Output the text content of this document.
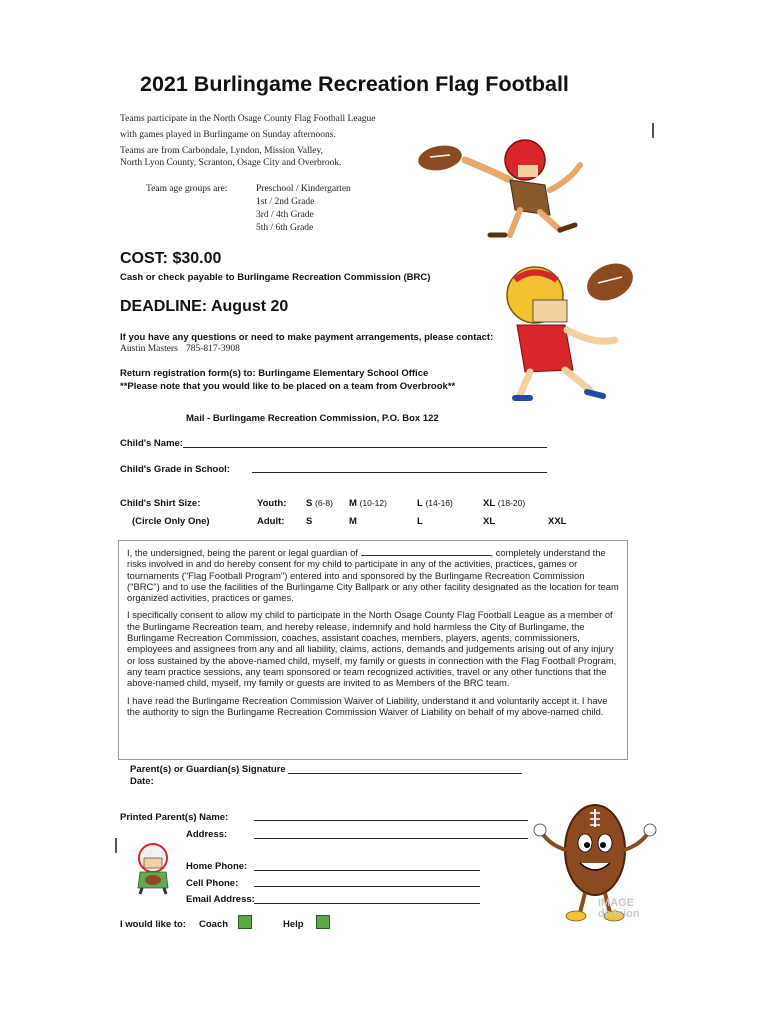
2021 Burlingame Recreation Flag Football
Teams participate in the North Osage County Flag Football League
with games played in Burlingame on Sunday afternoons.
Teams are from Carbondale, Lyndon, Mission Valley,
North Lyon County, Scranton, Osage City and Overbrook.
Team age groups are:	Preschool / Kindergarten
1st / 2nd Grade
3rd / 4th Grade
5th / 6th Grade
COST: $30.00
Cash or check payable to Burlingame Recreation Commission (BRC)
DEADLINE: August 20
If you have any questions or need to make payment arrangements, please contact:
Austin Masters 785-817-3908
Return registration form(s) to: Burlingame Elementary School Office
**Please note that you would like to be placed on a team from Overbrook**
Mail - Burlingame Recreation Commission, P.O. Box 122
Child's Name:
Child's Grade in School:
Child's Shirt Size:
(Circle Only One)
Youth: S (6-8) M (10-12)	L (14-16)	XL (18-20)
Adult: S	M	L	XL	XXL

I, the undersigned, being the parent or legal guardian of	, completely understand the risks involved in and do hereby consent for my child to participate in any of the activities, practices, games or tournaments ("Flag Football Program") entered into and sponsored by the Burlingame Recreation Commission ("BRC") and to use the facilities of the Burlingame City Ballpark or any other facility designated as the location for team organized activities, practices or games.

I specifically consent to allow my child to participate in the North Osage County Flag Football League as a member of the Burlingame Recreation team, and hereby release, indemnify and hold harmless the City of Burlingame, the Burlingame Recreation Commission, coaches, assistant coaches, members, players, agents, commissioners, employees and assignees from any and all liability, claims, actions, demands and judgements arising out of any injury or loss sustained by the above-named child, myself, my family or guests in connection with the Flag Football Program, any team practice sessions, any team sponsored or team recognized activities, travel or any other functions that the above-named child, myself, my family or guests are invited to as Members of the BRC team.

I have read the Burlingame Recreation Commission Waiver of Liability, understand it and voluntarily accept it. I have the authority to sign the Burlingame Recreation Commission Waiver of Liability on behalf of my above-named child.

Parent(s) or Guardian(s) Signature
Date:
Printed Parent(s) Name:
Address:
Home Phone:
Cell Phone:
Email Address:
I would like to: Coach	Help
IMAGE division
